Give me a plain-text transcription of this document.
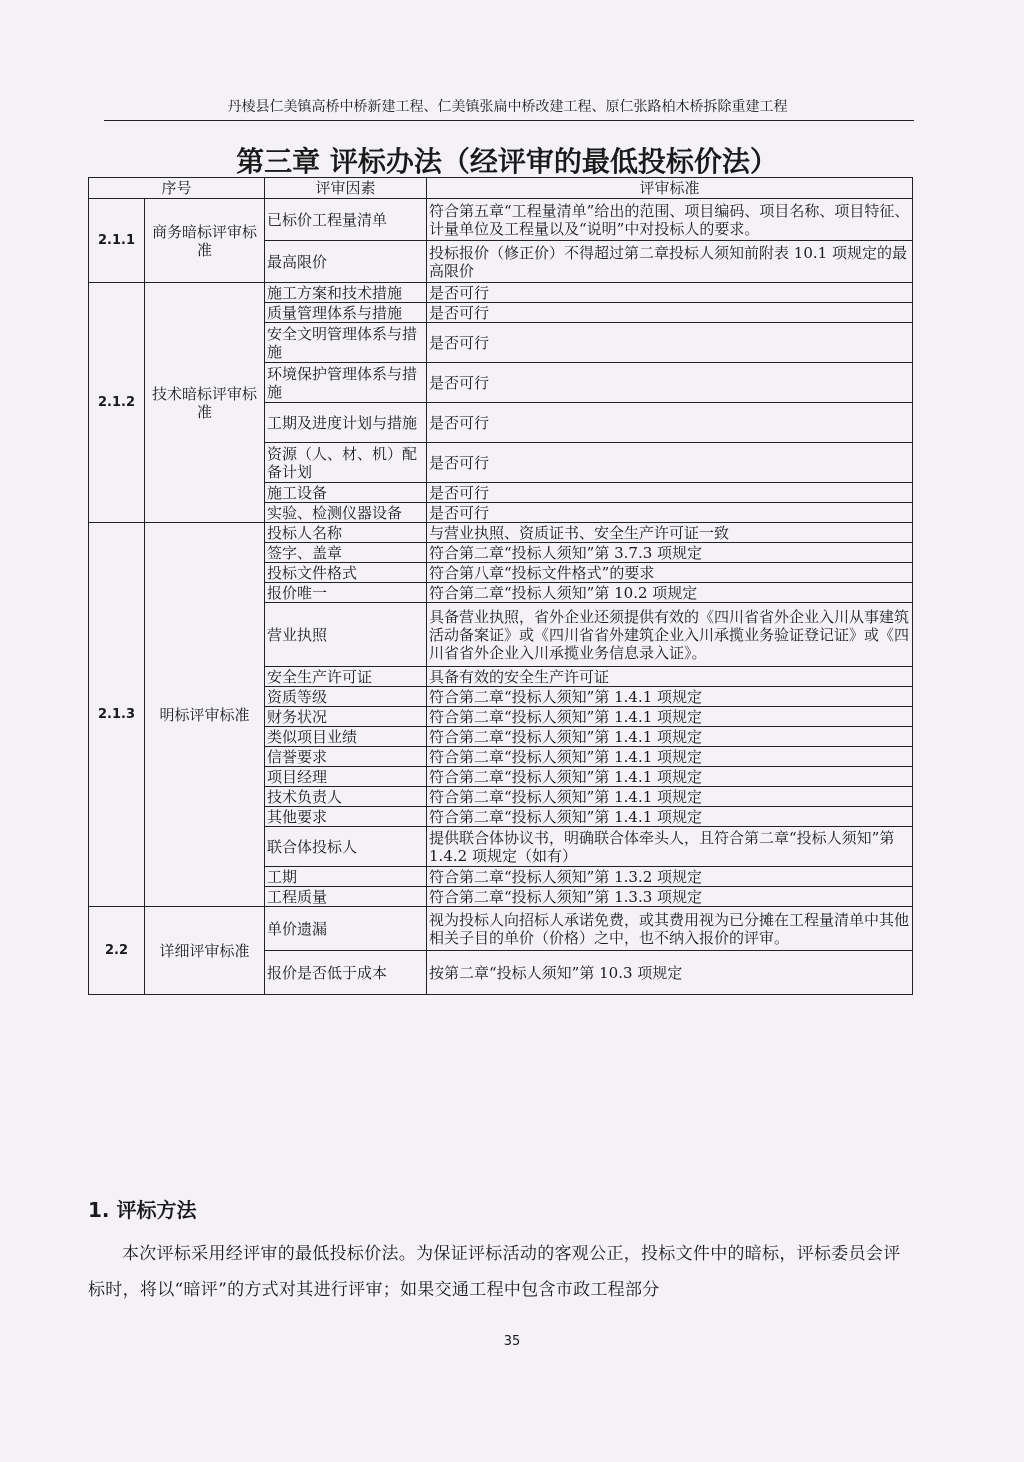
丹棱县仁美镇高桥中桥新建工程、仁美镇张扁中桥改建工程、原仁张路柏木桥拆除重建工程
第三章 评标办法（经评审的最低投标价法）
序号		评审因素	评审标准
2.1.1	商务暗标评审标准	已标价工程量清单	符合第五章“工程量清单”给出的范围、项目编码、项目名称、项目特征、计量单位及工程量以及“说明”中对投标人的要求。
		最高限价	投标报价（修正价）不得超过第二章投标人须知前附表 10.1 项规定的最高限价
2.1.2	技术暗标评审标准	施工方案和技术措施	是否可行
		质量管理体系与措施	是否可行
		安全文明管理体系与措施	是否可行
		环境保护管理体系与措施	是否可行
		工期及进度计划与措施	是否可行
		资源（人、材、机）配备计划	是否可行
		施工设备	是否可行
		实验、检测仪器设备	是否可行
2.1.3	明标评审标准	投标人名称	与营业执照、资质证书、安全生产许可证一致
		签字、盖章	符合第二章“投标人须知”第 3.7.3 项规定
		投标文件格式	符合第八章“投标文件格式”的要求
		报价唯一	符合第二章“投标人须知”第 10.2 项规定
		营业执照	具备营业执照，省外企业还须提供有效的《四川省省外企业入川从事建筑活动备案证》或《四川省省外建筑企业入川承揽业务验证登记证》或《四川省省外企业入川承揽业务信息录入证》。
		安全生产许可证	具备有效的安全生产许可证
		资质等级	符合第二章“投标人须知”第 1.4.1 项规定
		财务状况	符合第二章“投标人须知”第 1.4.1 项规定
		类似项目业绩	符合第二章“投标人须知”第 1.4.1 项规定
		信誉要求	符合第二章“投标人须知”第 1.4.1 项规定
		项目经理	符合第二章“投标人须知”第 1.4.1 项规定
		技术负责人	符合第二章“投标人须知”第 1.4.1 项规定
		其他要求	符合第二章“投标人须知”第 1.4.1 项规定
		联合体投标人	提供联合体协议书，明确联合体牵头人，且符合第二章“投标人须知”第 1.4.2 项规定（如有）
		工期	符合第二章“投标人须知”第 1.3.2 项规定
		工程质量	符合第二章“投标人须知”第 1.3.3 项规定
2.2	详细评审标准	单价遗漏	视为投标人向招标人承诺免费，或其费用视为已分摊在工程量清单中其他相关子目的单价（价格）之中，也不纳入报价的评审。
		报价是否低于成本	按第二章“投标人须知”第 10.3 项规定
1. 评标方法
本次评标采用经评审的最低投标价法。为保证评标活动的客观公正，投标文件中的暗标，评标委员会评标时，将以“暗评”的方式对其进行评审；如果交通工程中包含市政工程部分
35
